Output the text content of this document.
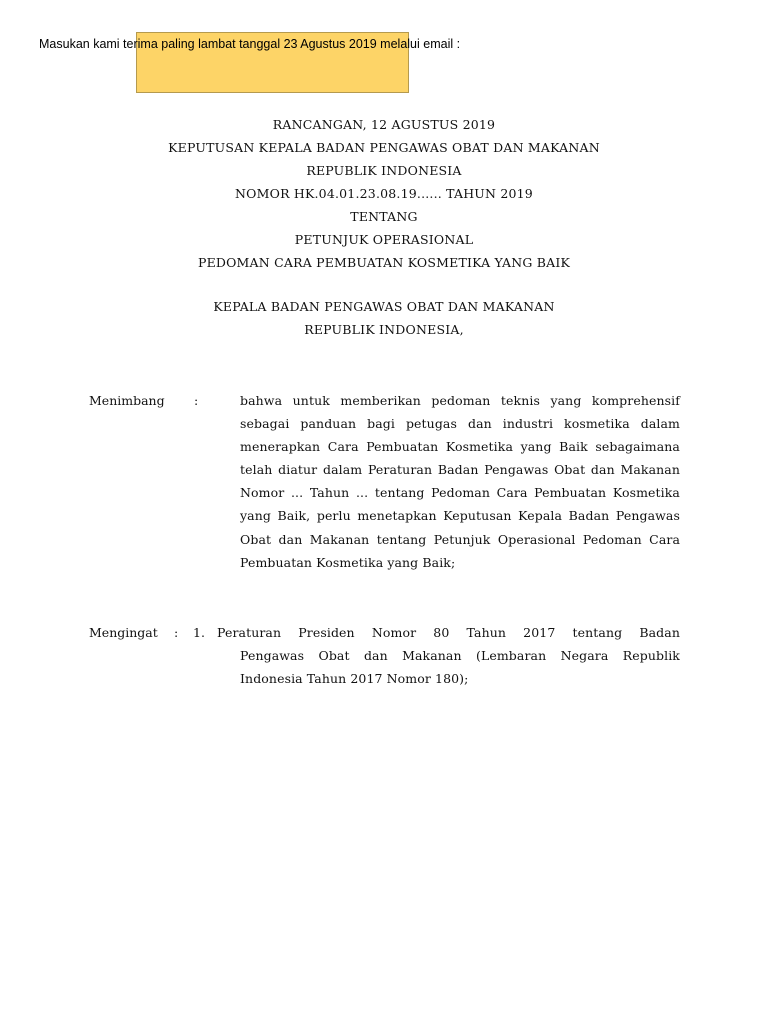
Masukan kami terima paling lambat tanggal 23 Agustus 2019 melalui email :
RANCANGAN, 12 AGUSTUS 2019
KEPUTUSAN KEPALA BADAN PENGAWAS OBAT DAN MAKANAN
REPUBLIK INDONESIA
NOMOR HK.04.01.23.08.19...... TAHUN 2019
TENTANG
PETUNJUK OPERASIONAL
PEDOMAN CARA PEMBUATAN KOSMETIKA YANG BAIK
KEPALA BADAN PENGAWAS OBAT DAN MAKANAN
REPUBLIK INDONESIA,
Menimbang :	bahwa untuk memberikan pedoman teknis yang komprehensif sebagai panduan bagi petugas dan industri kosmetika dalam menerapkan Cara Pembuatan Kosmetika yang Baik sebagaimana telah diatur dalam Peraturan Badan Pengawas Obat dan Makanan Nomor ... Tahun ... tentang Pedoman Cara Pembuatan Kosmetika yang Baik, perlu menetapkan Keputusan Kepala Badan Pengawas Obat dan Makanan tentang Petunjuk Operasional Pedoman Cara Pembuatan Kosmetika yang Baik;
Mengingat : 1. Peraturan Presiden Nomor 80 Tahun 2017 tentang Badan
Pengawas Obat dan Makanan (Lembaran Negara Republik Indonesia Tahun 2017 Nomor 180);
